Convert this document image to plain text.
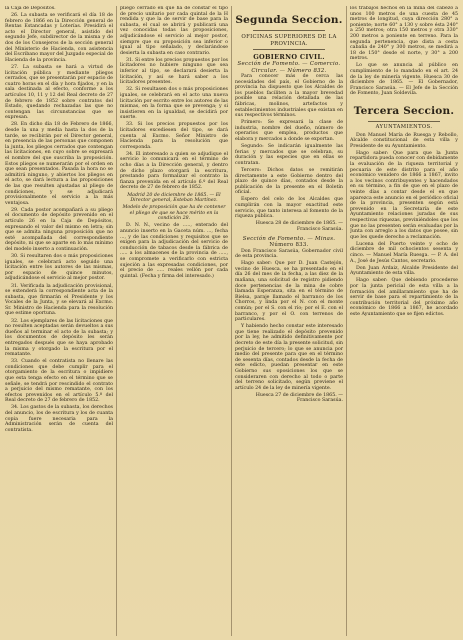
la Caja de Depósitos.

26. La subasta se verificará el día 18 de febrero de 1866 en la Dirección general de Rentas Estancadas y Loterías. Presidirá el acto el Director general, asistido del segundo Jefe, subdirector de la misma y de dos de los Consejeros de la sección general del Ministerio de Hacienda, con asistencia del Escribano mayor del Juzgado especial de Hacienda de la provincia.

27. La subasta se hará a virtud de licitación pública y mediante pliegos cerrados, que se presentarán por espacio de cuatro horas en el día y hora fijados, y en la sala destinada al efecto, conforme a los artículos 10, 11 y 12 del Real decreto de 27 de febrero de 1852 sobre contratos del Estado, quedando rechazadas las que no contengan las circunstancias que se expresan.

28. En dicho día 18 de Febrero de 1866, desde la una y media hasta la dos de la tarde, se recibirán por el Director general, en presencia de las personas que componen la junta, los pliegos cerrados que contengan las licitaciones, en cuyo sobre se expresará el nombre del que suscriba la proposición. Estos pliegos se numerarán por el orden en que sean presentados. Pasada la hora no se admitirá ninguno, y abiertos los pliegos en el acto, se dará lectura a las proposiciones de las que resulten ajustadas al pliego de condiciones, y se adjudicará provisionalmente el servicio a la más ventajosa.

29. Cada postor acompañará a su pliego el documento de depósito prevenido en el artículo 26 en la Caja de Depósitos, expresando el valor del mismo en letra; sin que se admita ninguna proposición que no esté acompañada del correspondiente depósito, ni que se aparte en lo más mínimo del modelo inserto a continuación.

30. Si resultaren dos o más proposiciones iguales, se celebrará acto seguido una licitación entre los autores de las mismas, por espacio de quince minutos, adjudicándose el servicio al mejor postor.

31. Verificada la adjudicación provisional, se extenderá la correspondiente acta de la subasta, que firmarán el Presidente y los Vocales de la Junta, y se elevará al Excmo. Sr. Ministro de Hacienda para la resolución que estime oportuna.

32. Los ejemplares de las licitaciones que no resulten aceptadas serán devueltos a sus dueños al terminar el acto de la subasta; y los documentos de depósito les serán entregados después que se haya aprobado la misma y otorgado la escritura por el rematante.

33. Cuando el contratista no llenare las condiciones que debe cumplir para el otorgamiento de la escritura o impidiere que esta tenga efecto en el término que se señale, se tendrá por rescindido el contrato a perjuicio del mismo rematante, con los efectos prevenidos en el artículo 5.º del Real decreto de 27 de febrero de 1852.

34. Los gastos de la subasta, los derechos del anuncio, los de escritura y los de cuanta copia fuere necesaria para la Administración serán de cuenta del contratista.

pliego cerrado en que ha de constar el tipo de precio unitario por cada quintal de la H rendida y que la de servir de base para la subasta, el cual se abrirá y publicará una vez conocidas todas las proposiciones, adjudicándose el servicio al mejor postor, siempre que su proposición sea inferior o igual al tipo señalado, y declarándose desierta la subasta en caso contrario.

31. Si entre los precios propuestos por los licitadores no hubiere ninguno que sea inferior al tipo, se declarará desierta la licitación, y así se hará saber a los licitadores presentes.

32. Si resultasen dos o más proposiciones iguales, se celebrará en el acto una nueva licitación por escrito entre los autores de las mismas, en la forma que se prevenga; y si insistieren en la igualdad, se decidirá por suerte.

33. Si los precios propuestos por los licitadores excediesen del tipo, se dará cuenta al Excmo. Señor Ministro de Hacienda para la resolución que corresponda.

34. El interesado a quien se adjudique el servicio lo comunicará en el término de ocho días a la Dirección general, y dentro de dicho plazo otorgará la escritura, prestando para formalizar el contrato la fianza prevenida en el artículo 6.º del Real decreto de 27 de febrero de 1852.

Madrid 20 de diciembre de 1865. — El Director general, Esteban Martínez.

Modelo de proposición que ha de contener el pliego de que se hace mérito en la condición 28.

D. N. N., vecino de ....., enterado del anuncio inserto en la Gaceta núm. ..., fecha ..., y de las condiciones y requisitos que se exigen para la adjudicación del servicio de conducción de tabacos desde la fábrica de ..... a los almacenes de la provincia de ....., se compromete a verificarlo con estricta sujeción a las expresadas condiciones, por el precio de ..... reales vellón por cada quintal. (Fecha y firma del interesado.)

Segunda Seccion.
OFICINAS SUPERIORES DE LA PROVINCIA.
GOBIERNO CIVIL.
Sección de Fomento. — Comercio. Circular. — Número 832.

Para conocer más de cerca las necesidades del país, el Gobierno de la provincia ha dispuesto que los Alcaldes de los pueblos faciliten a la mayor brevedad posible una relación detallada de las fábricas, molinos, artefactos y establecimientos industriales que existan en sus respectivos términos.

Primero: Se expresará la clase de industria, nombre del dueño, número de operarios que emplea, productos que elabora y mercados a donde se exportan.

Segundo: Se indicarán igualmente las ferias y mercados que se celebran, su duración y las especies que en ellas se contratan.

Tercero: Dichos datos se remitirán directamente a este Gobierno dentro del plazo de quince días, contados desde la publicación de la presente en el Boletín oficial.

Espero del celo de los Alcaldes que cumplirán con la mayor exactitud este servicio, que tanto interesa al fomento de la riqueza pública.

Huesca 28 de diciembre de 1865. — Francisco Sarasúa.

Sección de Fomento. — Minas.
Número 833.

Don Francisco Sarasúa, Gobernador civil de esta provincia.

Hago saber: Que por D. Juan Castejón, vecino de Huesca, se ha presentado en el día 26 del mes de la fecha, a las diez de la mañana, una solicitud de registro pidiendo doce pertenencias de la mina de cobre llamada Esperanza, sita en el término de Bielsa, paraje llamado el barranco de los Chorros, y linda por el N. con el monte común; por el S. con el río; por el E. con el barranco, y por el O. con terrenos de particulares.

Y habiendo hecho constar este interesado que tiene realizado el depósito prevenido por la ley, he admitido definitivamente por decreto de este día la presente solicitud, sin perjuicio de tercero; lo que se anuncia por medio del presente para que en el término de sesenta días, contados desde la fecha de este edicto, puedan presentar en este Gobierno sus oposiciones los que se consideraren con derecho al todo o parte del terreno solicitado, según previene el artículo 24 de la ley de minería vigente.

Huesca 27 de diciembre de 1865. — Francisco Sarasúa.

los trabajos hechos en la mina del cabezo a unos 100 metros de una cuesta de 45 metros de longitud, cuya dirección 280° a poniente; norte 60° a 130 y sobre ésta 240° a 250 metros; otra 150 metros y otra 330° 200 metros a poniente en terreno. Para la segunda pertenencia, que dista a cesta cabaña de 240° y 300 metros, se medirá a 18 de 150° desde el norte, y 30° a 200 metros.

Lo que se anuncia al público en cumplimiento de lo mandado en el art. 24 de la ley de minería vigente. Huesca 30 de diciembre de 1865. — El Gobernador, Francisco Sarasúa. — El Jefe de la Sección de Fomento, Juan Soldevila.

Tercera Seccion.
AYUNTAMIENTOS.

Don Manuel María de Ruesga y Rebollo, Alcalde constitucional de esta villa y Presidente de su Ayuntamiento.

Hago saber: Que para que la Junta repartidora pueda conocer con debidamente la evaluación de la riqueza territorial y pecuaria de este distrito para el año económico venidero de 1866 a 1867, invito a los vecinos contribuyentes y hacendados en su término, a fin de que en el plazo de veinte días a contar desde el en que aparezca este anuncio en el periódico oficial de la provincia, presenten según está prevenido en la Secretaría de este Ayuntamiento relaciones juradas de sus respectivas riquezas, previniéndoles que los que no las presenten serán evaluadas por la Junta con arreglo a los datos que posee, sin que les quede derecho a reclamación.

Lucena del Puerto veinte y ocho de diciembre de mil ochocientos sesenta y cinco. — Manuel María Ruesga. — P. A. del A., José de Jesús Cantos, secretario.

Don Juan Ardaiz, Alcalde Presidente del Ayuntamiento de esta villa.

Hago saber: Que debiendo procederse por la junta pericial de esta villa a la formación del amillaramiento que ha de servir de base para el repartimiento de la contribución territorial del próximo año económico de 1866 a 1867, he acordado este Ayuntamiento que se fijen edictos.
